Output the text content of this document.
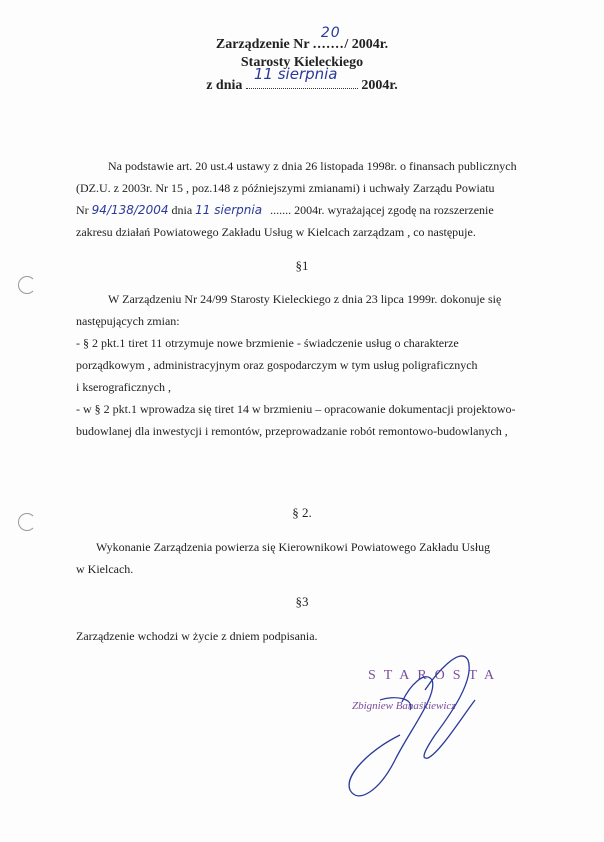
Zarządzenie Nr
20
......./ 2004r.
Starosty Kieleckiego
z dnia
11 sierpnia
2004r.
Na podstawie art. 20 ust.4 ustawy z dnia 26 listopada 1998r. o finansach publicznych
(DZ.U. z 2003r. Nr 15 , poz.148 z późniejszymi zmianami) i uchwały Zarządu Powiatu
Nr 94/138/2004 dnia 11 sierpnia ....... 2004r. wyrażającej zgodę na rozszerzenie
zakresu działań Powiatowego Zakładu Usług w Kielcach zarządzam , co następuje.
§1
W Zarządzeniu Nr 24/99 Starosty Kieleckiego z dnia 23 lipca 1999r. dokonuje się
następujących zmian:
- § 2 pkt.1 tiret 11 otrzymuje nowe brzmienie - świadczenie usług o charakterze
porządkowym , administracyjnym oraz gospodarczym w tym usług poligraficznych
i kserograficznych ,
- w § 2 pkt.1 wprowadza się tiret 14 w brzmieniu – opracowanie dokumentacji projektowo-
budowlanej dla inwestycji i remontów, przeprowadzanie robót remontowo-budowlanych ,
§ 2.
Wykonanie Zarządzenia powierza się Kierownikowi Powiatowego Zakładu Usług
w Kielcach.
§3
Zarządzenie wchodzi w życie z dniem podpisania.
STAROSTA
Zbigniew Banaśkiewicz
